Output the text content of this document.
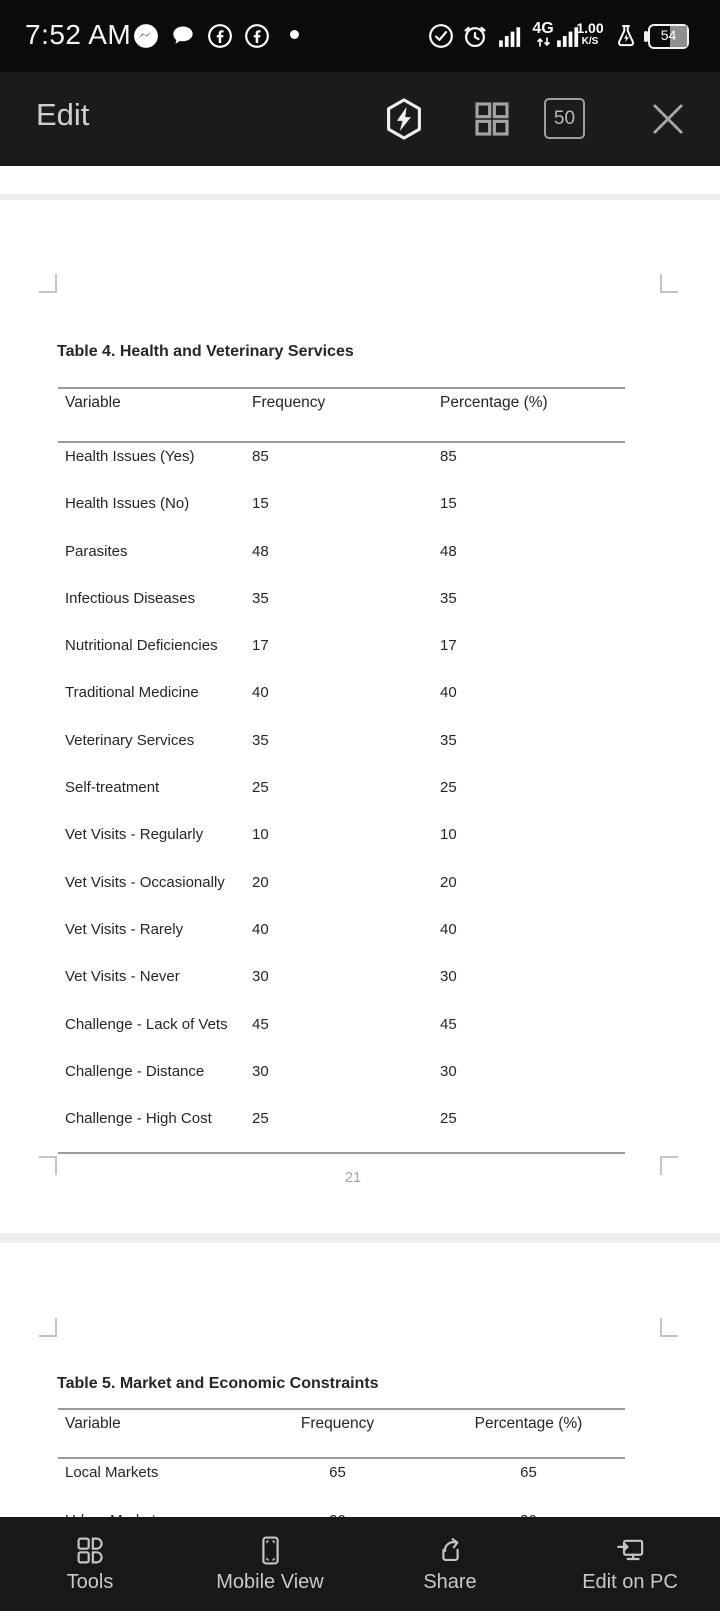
7:52 AM	4G	1.00
K/S	54
Edit	50
Table 4. Health and Veterinary Services
Variable	Frequency	Percentage (%)
Health Issues (Yes)	85	85
Health Issues (No)	15	15
Parasites	48	48
Infectious Diseases	35	35
Nutritional Deficiencies	17	17
Traditional Medicine	40	40
Veterinary Services	35	35
Self-treatment	25	25
Vet Visits - Regularly	10	10
Vet Visits - Occasionally	20	20
Vet Visits - Rarely	40	40
Vet Visits - Never	30	30
Challenge - Lack of Vets	45	45
Challenge - Distance	30	30
Challenge - High Cost	25	25
21
Table 5. Market and Economic Constraints
Variable	Frequency	Percentage (%)
Local Markets	65	65
Tools	Mobile View	Share	Edit on PC
